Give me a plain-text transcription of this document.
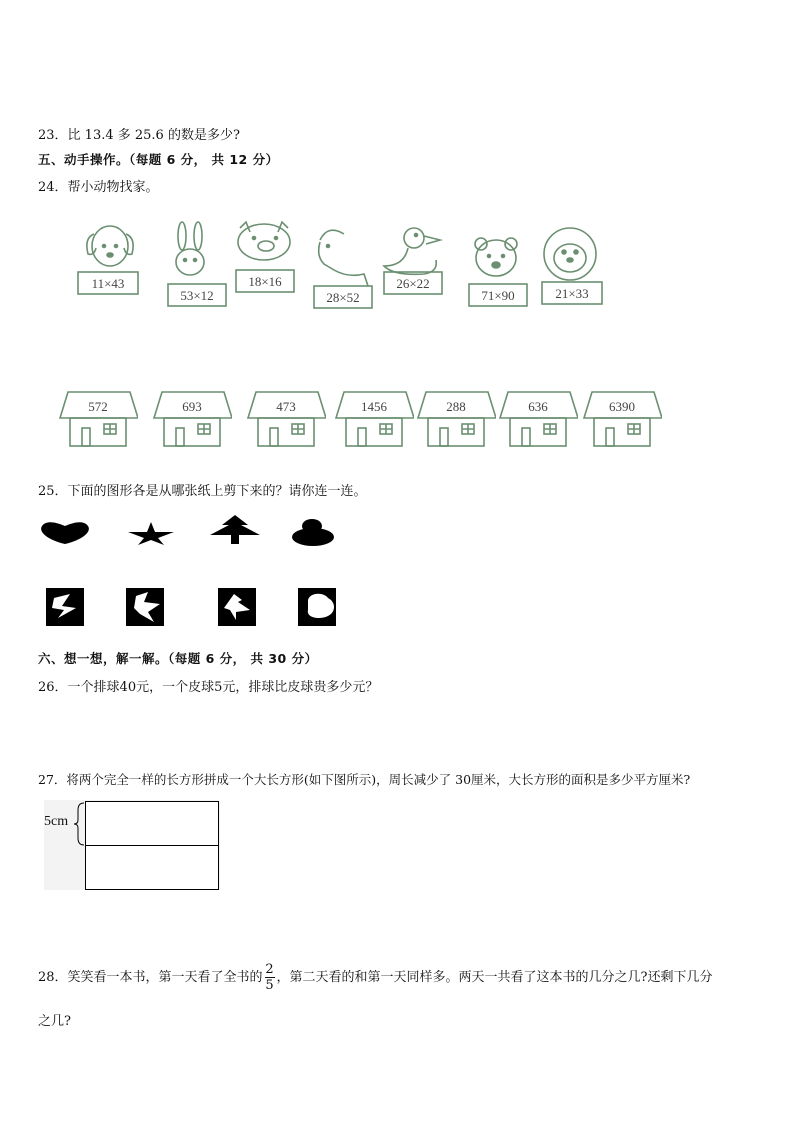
23．比 13.4 多 25.6 的数是多少?
五、动手操作。（每题 6 分， 共 12 分）
24．帮小动物找家。
11×43
53×12
18×16
28×52
26×22
71×90	21×33
572	693	473	1456	288	636	6390
25．下面的图形各是从哪张纸上剪下来的？请你连一连。
六、想一想，解一解。（每题 6 分， 共 30 分）
26．一个排球40元，一个皮球5元，排球比皮球贵多少元？
27．将两个完全一样的长方形拼成一个大长方形(如下图所示)，周长减少了 30厘米，大长方形的面积是多少平方厘米?
5cm
28．笑笑看一本书，第一天看了全书的 $\frac{2}{5}$ ，第二天看的和第一天同样多。两天一共看了这本书的几分之几?还剩下几分
之几?
